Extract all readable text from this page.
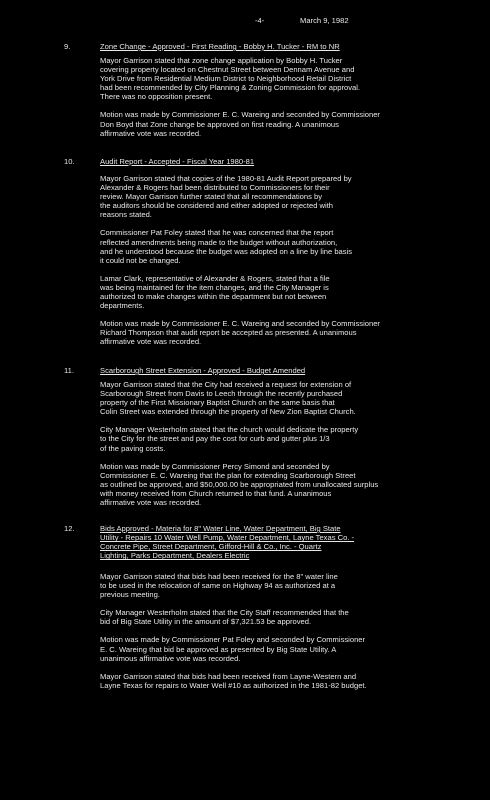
-4-	March 9, 1982
9.	Zone Change - Approved - First Reading - Bobby H. Tucker - RM to NR

Mayor Garrison stated that zone change application by Bobby H. Tucker
covering property located on Chestnut Street between Dennam Avenue and
York Drive from Residential Medium District to Neighborhood Retail District
had been recommended by City Planning & Zoning Commission for approval.
There was no opposition present.

Motion was made by Commissioner E. C. Wareing and seconded by Commissioner
Don Boyd that Zone change be approved on first reading. A unanimous
affirmative vote was recorded.

10.	Audit Report - Accepted - Fiscal Year 1980-81

Mayor Garrison stated that copies of the 1980-81 Audit Report prepared by
Alexander & Rogers had been distributed to Commissioners for their
review. Mayor Garrison further stated that all recommendations by
the auditors should be considered and either adopted or rejected with
reasons stated.

Commissioner Pat Foley stated that he was concerned that the report
reflected amendments being made to the budget without authorization,
and he understood because the budget was adopted on a line by line basis
it could not be changed.

Lamar Clark, representative of Alexander & Rogers, stated that a file
was being maintained for the item changes, and the City Manager is
authorized to make changes within the department but not between
departments.

Motion was made by Commissioner E. C. Wareing and seconded by Commissioner
Richard Thompson that audit report be accepted as presented. A unanimous
affirmative vote was recorded.

11.	Scarborough Street Extension - Approved - Budget Amended

Mayor Garrison stated that the City had received a request for extension of
Scarborough Street from Davis to Leech through the recently purchased
property of the First Missionary Baptist Church on the same basis that
Colin Street was extended through the property of New Zion Baptist Church.

City Manager Westerholm stated that the church would dedicate the property
to the City for the street and pay the cost for curb and gutter plus 1/3
of the paving costs.

Motion was made by Commissioner Percy Simond and seconded by
Commissioner E. C. Wareing that the plan for extending Scarborough Street
as outlined be approved, and $50,000.00 be appropriated from unallocated surplus
with money received from Church returned to that fund. A unanimous
affirmative vote was recorded.

12.	Bids Approved - Materia for 8" Water Line, Water Department, Big State
Utility - Repairs 10 Water Well Pump, Water Department, Layne Texas Co. -
Concrete Pipe, Street Department, Gifford-Hill & Co., Inc. - Quartz
Lighting, Parks Department, Dealers Electric

Mayor Garrison stated that bids had been received for the 8" water line
to be used in the relocation of same on Highway 94 as authorized at a
previous meeting.

City Manager Westerholm stated that the City Staff recommended that the
bid of Big State Utility in the amount of $7,321.53 be approved.

Motion was made by Commissioner Pat Foley and seconded by Commissioner
E. C. Wareing that bid be approved as presented by Big State Utility. A
unanimous affirmative vote was recorded.

Mayor Garrison stated that bids had been received from Layne-Western and
Layne Texas for repairs to Water Well #10 as authorized in the 1981-82 budget.
